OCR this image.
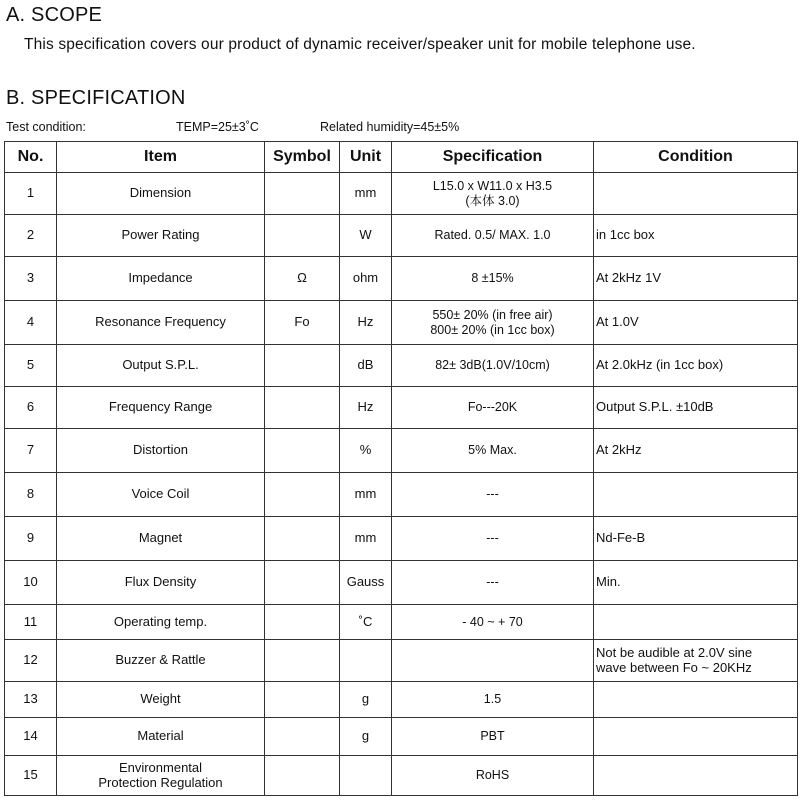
A. SCOPE

This specification covers our product of dynamic receiver/speaker unit for mobile telephone use.

B. SPECIFICATION
Test condition:	TEMP=25±3˚C	Related humidity=45±5%
No.	Item	Symbol	Unit	Specification	Condition
1	Dimension		mm	L15.0 x W11.0 x H3.5
(本体 3.0)	

2	Power Rating		W	Rated. 0.5/ MAX. 1.0	in 1cc box

3	Impedance	Ω	ohm	8 ±15%	At 2kHz 1V

4	Resonance Frequency	Fo	Hz	550± 20% (in free air)
800± 20% (in 1cc box)	At 1.0V

5	Output S.P.L.		dB	82± 3dB(1.0V/10cm)	At 2.0kHz (in 1cc box)

6	Frequency Range		Hz	Fo---20K	Output S.P.L. ±10dB

7	Distortion		%	5% Max.	At 2kHz

8	Voice Coil		mm	---	

9	Magnet		mm	---	Nd-Fe-B

10	Flux Density		Gauss	---	Min.

11	Operating temp.		˚C	- 40 ~ + 70	

12	Buzzer & Rattle				Not be audible at 2.0V sine
wave between Fo ~ 20KHz

13	Weight		g	1.5	

14	Material		g	PBT	

15	Environmental
Protection Regulation			RoHS	
